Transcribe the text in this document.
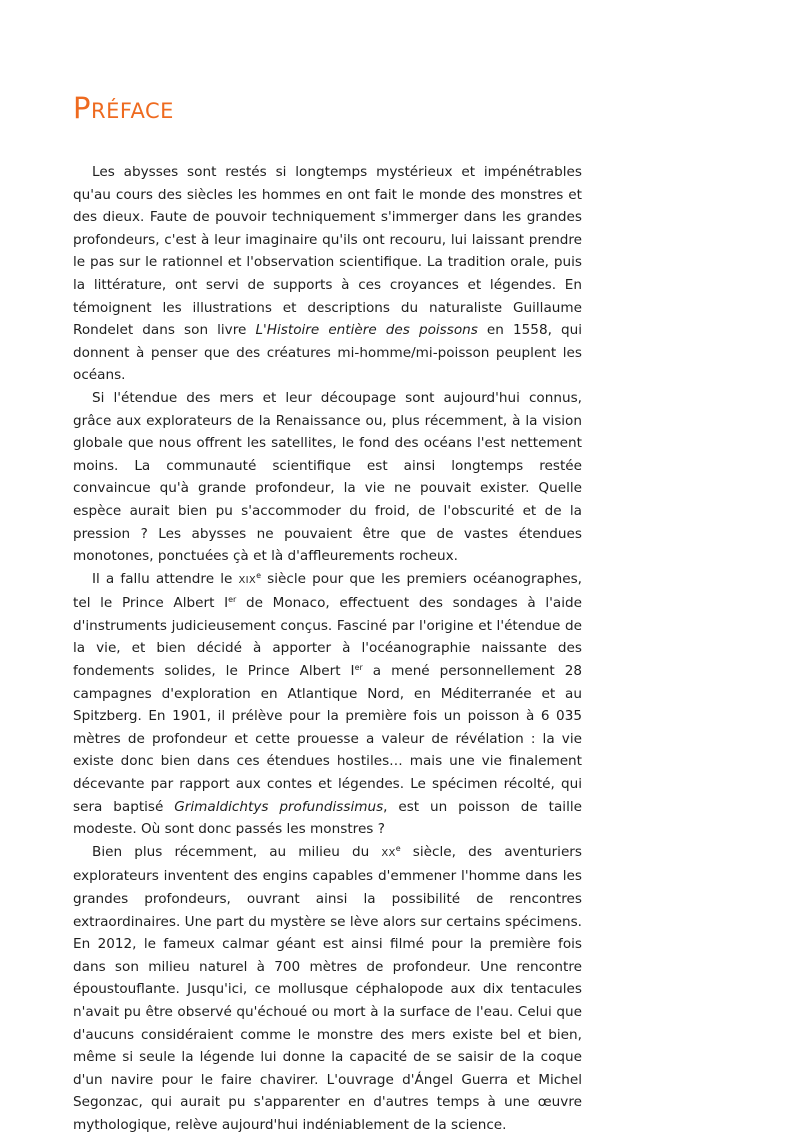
PRÉFACE

Les abysses sont restés si longtemps mystérieux et impénétrables qu'au cours des siècles les hommes en ont fait le monde des monstres et des dieux. Faute de pouvoir techniquement s'immerger dans les grandes profondeurs, c'est à leur imaginaire qu'ils ont recouru, lui laissant prendre le pas sur le rationnel et l'observation scientifique. La tradition orale, puis la littérature, ont servi de supports à ces croyances et légendes. En témoignent les illustrations et descriptions du naturaliste Guillaume Rondelet dans son livre L'Histoire entière des poissons en 1558, qui donnent à penser que des créatures mi-homme/mi-poisson peuplent les océans.

Si l'étendue des mers et leur découpage sont aujourd'hui connus, grâce aux explorateurs de la Renaissance ou, plus récemment, à la vision globale que nous offrent les satellites, le fond des océans l'est nettement moins. La communauté scientifique est ainsi longtemps restée convaincue qu'à grande profondeur, la vie ne pouvait exister. Quelle espèce aurait bien pu s'accommoder du froid, de l'obscurité et de la pression ? Les abysses ne pouvaient être que de vastes étendues monotones, ponctuées çà et là d'affleurements rocheux.

Il a fallu attendre le XIXe siècle pour que les premiers océanographes, tel le Prince Albert Ier de Monaco, effectuent des sondages à l'aide d'instruments judicieusement conçus. Fasciné par l'origine et l'étendue de la vie, et bien décidé à apporter à l'océanographie naissante des fondements solides, le Prince Albert Ier a mené personnellement 28 campagnes d'exploration en Atlantique Nord, en Méditerranée et au Spitzberg. En 1901, il prélève pour la première fois un poisson à 6 035 mètres de profondeur et cette prouesse a valeur de révélation : la vie existe donc bien dans ces étendues hostiles… mais une vie finalement décevante par rapport aux contes et légendes. Le spécimen récolté, qui sera baptisé Grimaldichtys profundissimus, est un poisson de taille modeste. Où sont donc passés les monstres ?

Bien plus récemment, au milieu du XXe siècle, des aventuriers explorateurs inventent des engins capables d'emmener l'homme dans les grandes profondeurs, ouvrant ainsi la possibilité de rencontres extraordinaires. Une part du mystère se lève alors sur certains spécimens. En 2012, le fameux calmar géant est ainsi filmé pour la première fois dans son milieu naturel à 700 mètres de profondeur. Une rencontre époustouflante. Jusqu'ici, ce mollusque céphalopode aux dix tentacules n'avait pu être observé qu'échoué ou mort à la surface de l'eau. Celui que d'aucuns considéraient comme le monstre des mers existe bel et bien, même si seule la légende lui donne la capacité de se saisir de la coque d'un navire pour le faire chavirer. L'ouvrage d'Ángel Guerra et Michel Segonzac, qui aurait pu s'apparenter en d'autres temps à une œuvre mythologique, relève aujourd'hui indéniablement de la science.
